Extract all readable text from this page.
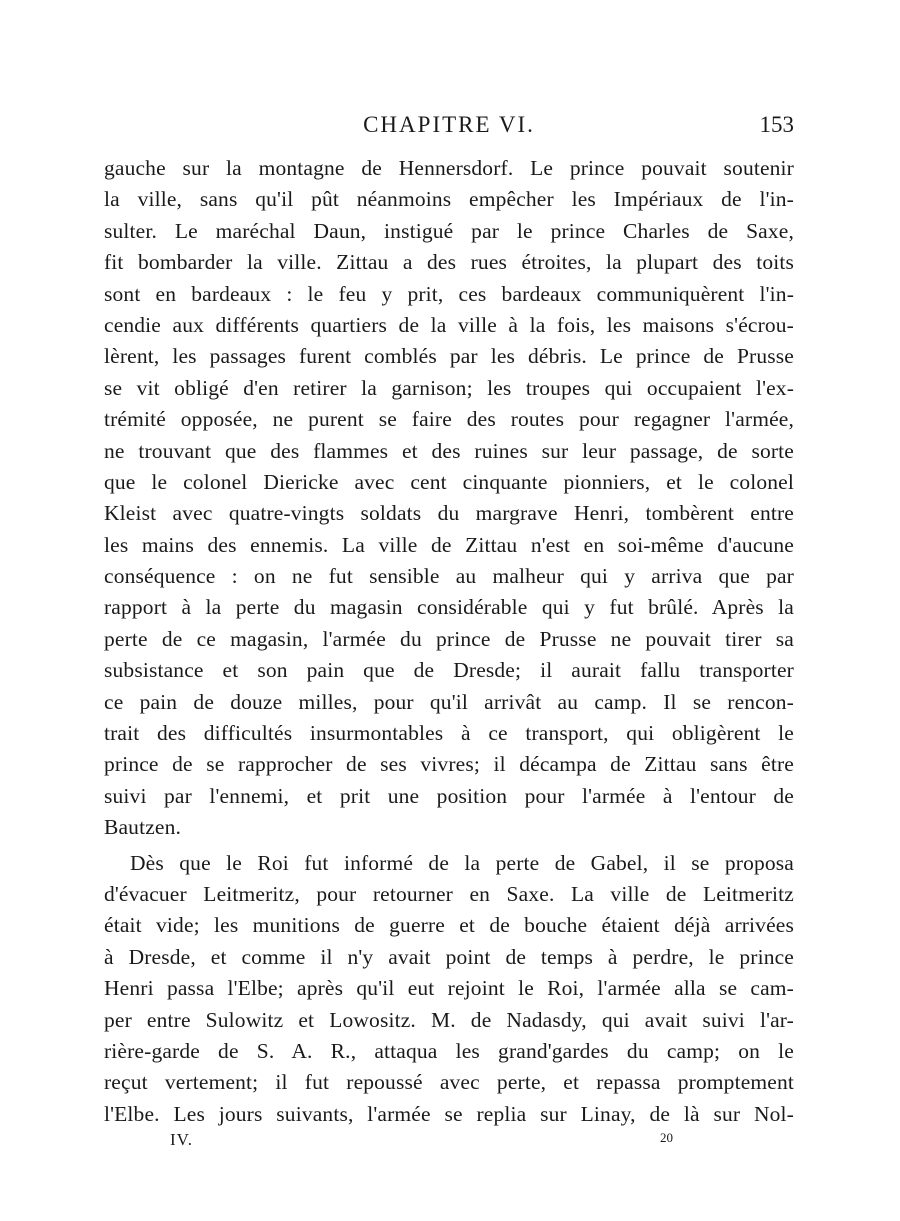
CHAPITRE VI.	153
gauche sur la montagne de Hennersdorf. Le prince pouvait soutenir
la ville, sans qu'il pût néanmoins empêcher les Impériaux de l'in-
sulter. Le maréchal Daun, instigué par le prince Charles de Saxe,
fit bombarder la ville. Zittau a des rues étroites, la plupart des toits
sont en bardeaux : le feu y prit, ces bardeaux communiquèrent l'in-
cendie aux différents quartiers de la ville à la fois, les maisons s'écrou-
lèrent, les passages furent comblés par les débris. Le prince de Prusse
se vit obligé d'en retirer la garnison; les troupes qui occupaient l'ex-
trémité opposée, ne purent se faire des routes pour regagner l'armée,
ne trouvant que des flammes et des ruines sur leur passage, de sorte
que le colonel Diericke avec cent cinquante pionniers, et le colonel
Kleist avec quatre-vingts soldats du margrave Henri, tombèrent entre
les mains des ennemis. La ville de Zittau n'est en soi-même d'aucune
conséquence : on ne fut sensible au malheur qui y arriva que par
rapport à la perte du magasin considérable qui y fut brûlé. Après la
perte de ce magasin, l'armée du prince de Prusse ne pouvait tirer sa
subsistance et son pain que de Dresde; il aurait fallu transporter
ce pain de douze milles, pour qu'il arrivât au camp. Il se rencon-
trait des difficultés insurmontables à ce transport, qui obligèrent le
prince de se rapprocher de ses vivres; il décampa de Zittau sans être
suivi par l'ennemi, et prit une position pour l'armée à l'entour de
Bautzen.
Dès que le Roi fut informé de la perte de Gabel, il se proposa
d'évacuer Leitmeritz, pour retourner en Saxe. La ville de Leitmeritz
était vide; les munitions de guerre et de bouche étaient déjà arrivées
à Dresde, et comme il n'y avait point de temps à perdre, le prince
Henri passa l'Elbe; après qu'il eut rejoint le Roi, l'armée alla se cam-
per entre Sulowitz et Lowositz. M. de Nadasdy, qui avait suivi l'ar-
rière-garde de S. A. R., attaqua les grand'gardes du camp; on le
reçut vertement; il fut repoussé avec perte, et repassa promptement
l'Elbe. Les jours suivants, l'armée se replia sur Linay, de là sur Nol-
IV.	20
